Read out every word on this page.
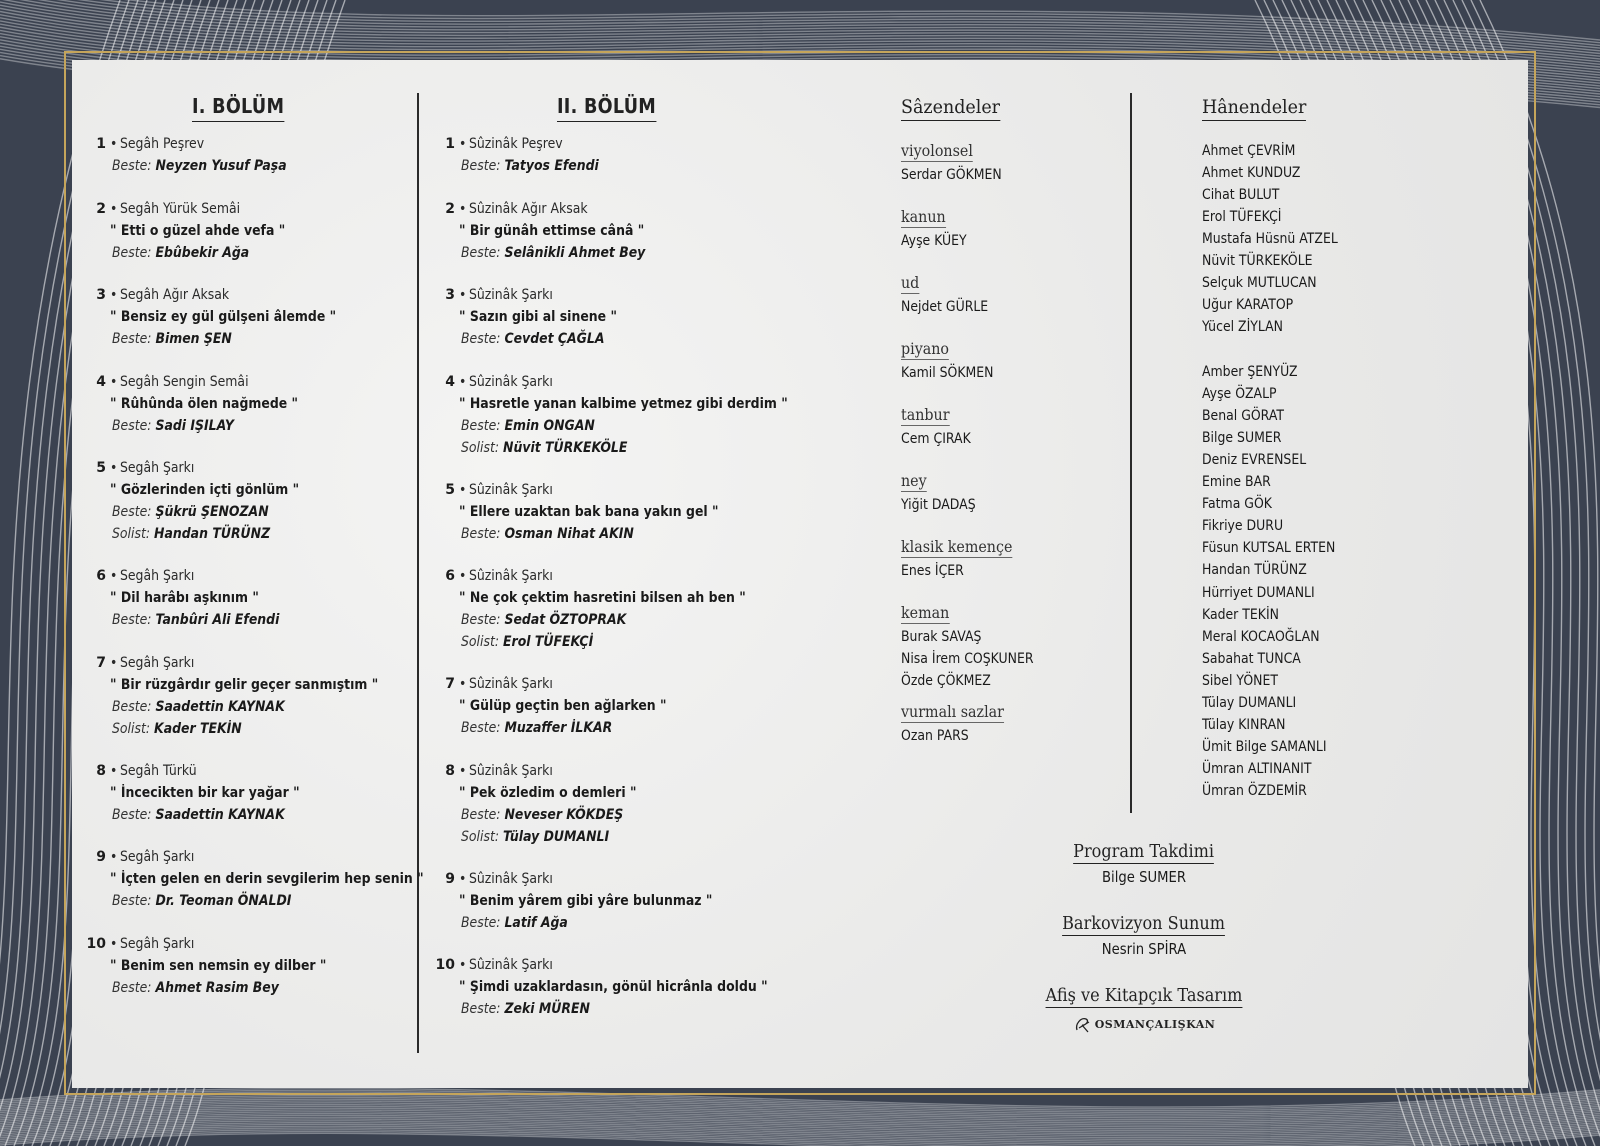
I. BÖLÜM
1 • Segâh Peşrev
Beste: Neyzen Yusuf Paşa
2 • Segâh Yürük Semâi
" Etti o güzel ahde vefa "
Beste: Ebûbekir Ağa
3 • Segâh Ağır Aksak
" Bensiz ey gül gülşeni âlemde "
Beste: Bimen ŞEN
4 • Segâh Sengin Semâi
" Rûhûnda ölen nağmede "
Beste: Sadi IŞILAY
5 • Segâh Şarkı
" Gözlerinden içti gönlüm "
Beste: Şükrü ŞENOZAN
Solist: Handan TÜRÜNZ
6 • Segâh Şarkı
" Dil harâbı aşkınım "
Beste: Tanbûri Ali Efendi
7 • Segâh Şarkı
" Bir rüzgârdır gelir geçer sanmıştım "
Beste: Saadettin KAYNAK
Solist: Kader TEKİN
8 • Segâh Türkü
" İncecikten bir kar yağar "
Beste: Saadettin KAYNAK
9 • Segâh Şarkı
" İçten gelen en derin sevgilerim hep senin "
Beste: Dr. Teoman ÖNALDI
10 • Segâh Şarkı
" Benim sen nemsin ey dilber "
Beste: Ahmet Rasim Bey
II. BÖLÜM
1 • Sûzinâk Peşrev
Beste: Tatyos Efendi
2 • Sûzinâk Ağır Aksak
" Bir günâh ettimse cânâ "
Beste: Selânikli Ahmet Bey
3 • Sûzinâk Şarkı
" Sazın gibi al sinene "
Beste: Cevdet ÇAĞLA
4 • Sûzinâk Şarkı
" Hasretle yanan kalbime yetmez gibi derdim "
Beste: Emin ONGAN
Solist: Nüvit TÜRKEKÖLE
5 • Sûzinâk Şarkı
" Ellere uzaktan bak bana yakın gel "
Beste: Osman Nihat AKIN
6 • Sûzinâk Şarkı
" Ne çok çektim hasretini bilsen ah ben "
Beste: Sedat ÖZTOPRAK
Solist: Erol TÜFEKÇİ
7 • Sûzinâk Şarkı
" Gülüp geçtin ben ağlarken "
Beste: Muzaffer İLKAR
8 • Sûzinâk Şarkı
" Pek özledim o demleri "
Beste: Neveser KÖKDEŞ
Solist: Tülay DUMANLI
9 • Sûzinâk Şarkı
" Benim yârem gibi yâre bulunmaz "
Beste: Latif Ağa
10 • Sûzinâk Şarkı
" Şimdi uzaklardasın, gönül hicrânla doldu "
Beste: Zeki MÜREN
Sâzendeler
viyolonsel
Serdar GÖKMEN
kanun
Ayşe KÜEY
ud
Nejdet GÜRLE
piyano
Kamil SÖKMEN
tanbur
Cem ÇIRAK
ney
Yiğit DADAŞ
klasik kemençe
Enes İÇER
keman
Burak SAVAŞ
Nisa İrem COŞKUNER
Özde ÇÖKMEZ
vurmalı sazlar
Ozan PARS
Hânendeler
Ahmet ÇEVRİM
Ahmet KUNDUZ
Cihat BULUT
Erol TÜFEKÇİ
Mustafa Hüsnü ATZEL
Nüvit TÜRKEKÖLE
Selçuk MUTLUCAN
Uğur KARATOP
Yücel ZİYLAN
Amber ŞENYÜZ
Ayşe ÖZALP
Benal GÖRAT
Bilge SUMER
Deniz EVRENSEL
Emine BAR
Fatma GÖK
Fikriye DURU
Füsun KUTSAL ERTEN
Handan TÜRÜNZ
Hürriyet DUMANLI
Kader TEKİN
Meral KOCAOĞLAN
Sabahat TUNCA
Sibel YÖNET
Tülay DUMANLI
Tülay KINRAN
Ümit Bilge SAMANLI
Ümran ALTINANIT
Ümran ÖZDEMİR
Program Takdimi
Bilge SUMER
Barkovizyon Sunum
Nesrin SPİRA
Afiş ve Kitapçık Tasarım
OSMANÇALIŞKAN
